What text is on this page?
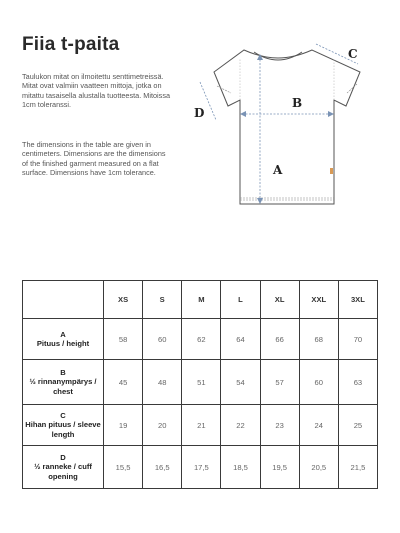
Fiia t-paita
Taulukon mitat on ilmoitettu senttimetreissä. Mitat ovat valmiin vaatteen mittoja, jotka on mitattu tasaisella alustalla tuotteesta. Mitoissa 1cm toleranssi.
The dimensions in the table are given in centimeters. Dimensions are the dimensions of the finished garment measured on a flat surface. Dimensions have 1cm tolerance.	A
B
C
D
	XS	S	M	L	XL	XXL	3XL

A
Pituus / height	58	60	62	64	66	68	70

B
½ rinnanympärys / chest	45	48	51	54	57	60	63

C
Hihan pituus / sleeve length	19	20	21	22	23	24	25

D
½ ranneke / cuff opening	15,5	16,5	17,5	18,5	19,5	20,5	21,5
